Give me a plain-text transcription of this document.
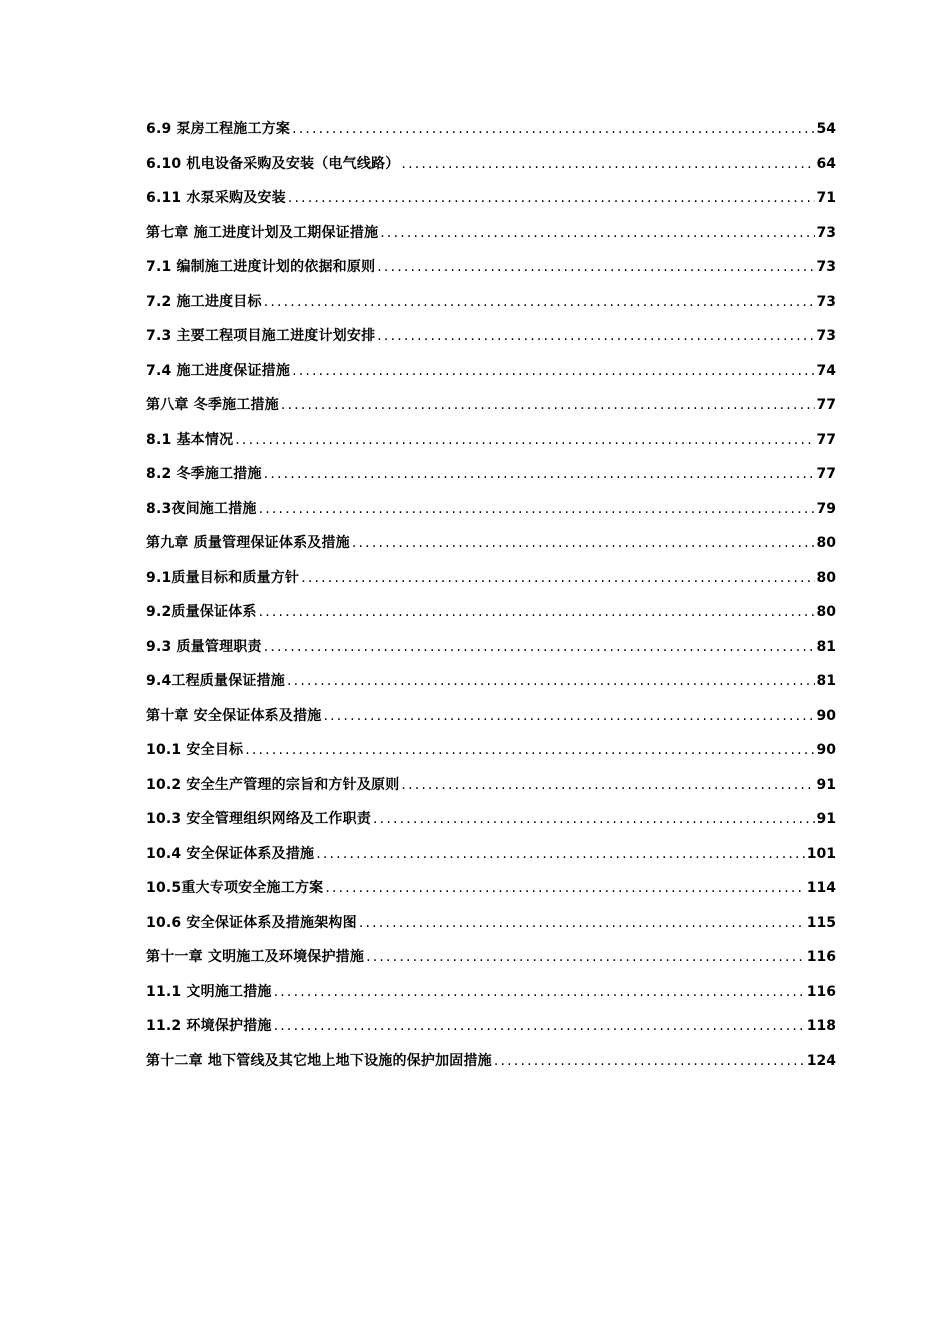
6.9 泵房工程施工方案 .....	54
6.10 机电设备采购及安装（电气线路） .....	64
6.11 水泵采购及安装 .....	71
第七章 施工进度计划及工期保证措施 .....	73
7.1 编制施工进度计划的依据和原则 .....	73
7.2 施工进度目标 .....	73
7.3 主要工程项目施工进度计划安排 .....	73
7.4 施工进度保证措施 .....	74
第八章 冬季施工措施 .....	77
8.1 基本情况 .....	77
8.2 冬季施工措施 .....	77
8.3夜间施工措施 .....	79
第九章 质量管理保证体系及措施 .....	80
9.1质量目标和质量方针 .....	80
9.2质量保证体系 .....	80
9.3 质量管理职责 .....	81
9.4工程质量保证措施 .....	81
第十章 安全保证体系及措施 .....	90
10.1 安全目标 .....	90
10.2 安全生产管理的宗旨和方针及原则 .....	91
10.3 安全管理组织网络及工作职责 .....	91
10.4 安全保证体系及措施 .....	101
10.5重大专项安全施工方案 .....	114
10.6 安全保证体系及措施架构图 .....	115
第十一章 文明施工及环境保护措施 .....	116
11.1 文明施工措施 .....	116
11.2 环境保护措施 .....	118
第十二章 地下管线及其它地上地下设施的保护加固措施 .....	124
